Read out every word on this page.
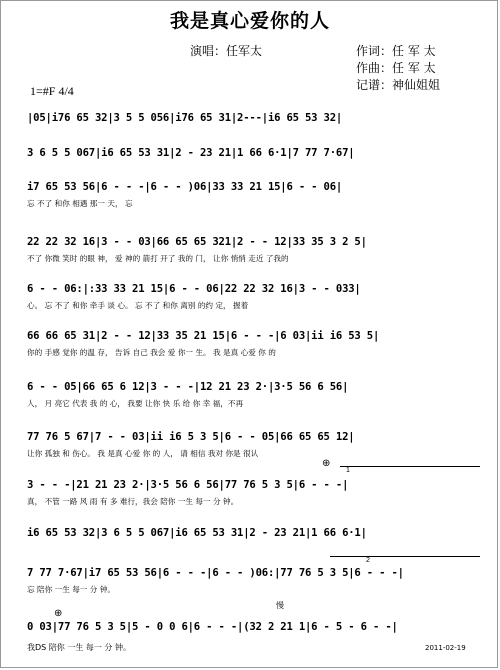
我是真心爱你的人
演唱：任军太	作词：任 军 太
作曲：任 军 太
记谱：神仙姐姐
1=#F 4/4
|05|i76 65 32|3 5 5 056|i76 65 31|2---|i6 65 53 32|
3 6 5 5 067|i6 65 53 31|2 - 23 21|1 66 6·1|7 77 7·67|
i7 65 53 56|6 - - -|6 - - )06|33 33 21 15|6 - - 06|
忘 不了 和你 相遇 那一 天， 忘
22 22 32 16|3 - - 03|66 65 65 321|2 - - 12|33 35 3 2 5|
不了 你微 笑时 的眼 神， 爱 神的 箭打 开了 我的 门， 让你 悄悄 走近 了我的
6 - - 06:|:33 33 21 15|6 - - 06|22 22 32 16|3 - - 033|
心。 忘 不了 和你 牵手 谈 心。 忘 不了 和你 离别 的约 定， 握着
66 66 65 31|2 - - 12|33 35 21 15|6 - - -|6 03|ii i6 53 5|
你的 手感 觉你 的温 存， 告诉 自己 我会 爱 你一 生。 我 是真 心爱 你 的
6 - - 05|66 65 6 12|3 - - -|12 21 23 2·|3·5 56 6 56|
人， 月 亮它 代表 我 的 心， 我要 让你 快 乐 给 你 幸 福，不再
77 76 5 67|7 - - 03|ii i6 5 3 5|6 - - 05|66 65 65 12|
让你 孤独 和 伤心。 我 是真 心爱 你 的 人， 请 相信 我对 你是 很认
3 - - -|21 21 23 2·|3·5 56 6 56|77 76 5 3 5|6 - - -|
真， 不管 一路 风 雨 有 多 难行，我会 陪你 一生 每一 分 钟。
i6 65 53 32|3 6 5 5 067|i6 65 53 31|2 - 23 21|1 66 6·1|
7 77 7·67|i7 65 53 56|6 - - -|6 - - )06:|77 76 5 3 5|6 - - -|
忘 陪你 一生 每一 分 钟。
0 03|77 76 5 3 5|5 - 0 0 6|6 - - -|(32 2 21 1|6 - 5 - 6 - -|
1
⊕
2
慢
⊕
我DS 陪你 一生 每一 分 钟。	2011-02-19
